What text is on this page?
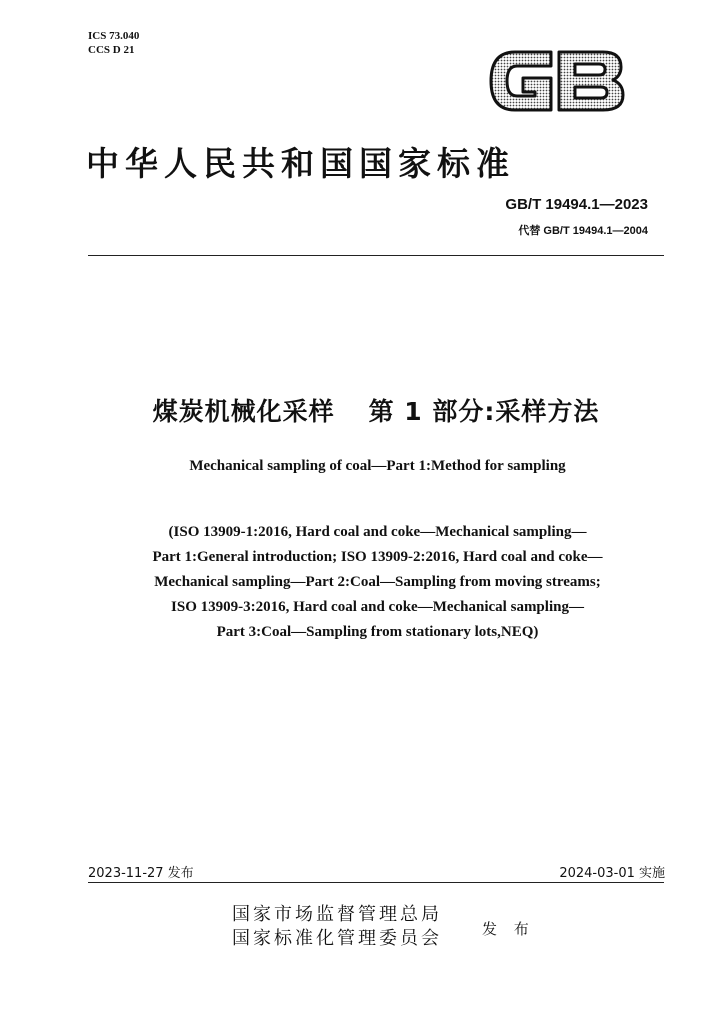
ICS 73.040
CCS D 21
中华人民共和国国家标准
GB/T 19494.1—2023
代替 GB/T 19494.1—2004
煤炭机械化采样 第 1 部分:采样方法
Mechanical sampling of coal—Part 1:Method for sampling
(ISO 13909-1:2016, Hard coal and coke—Mechanical sampling—
Part 1:General introduction; ISO 13909-2:2016, Hard coal and coke—
Mechanical sampling—Part 2:Coal—Sampling from moving streams;
ISO 13909-3:2016, Hard coal and coke—Mechanical sampling—
Part 3:Coal—Sampling from stationary lots,NEQ)
2023-11-27 发布	2024-03-01 实施
国家市场监督管理总局
国家标准化管理委员会	发 布
